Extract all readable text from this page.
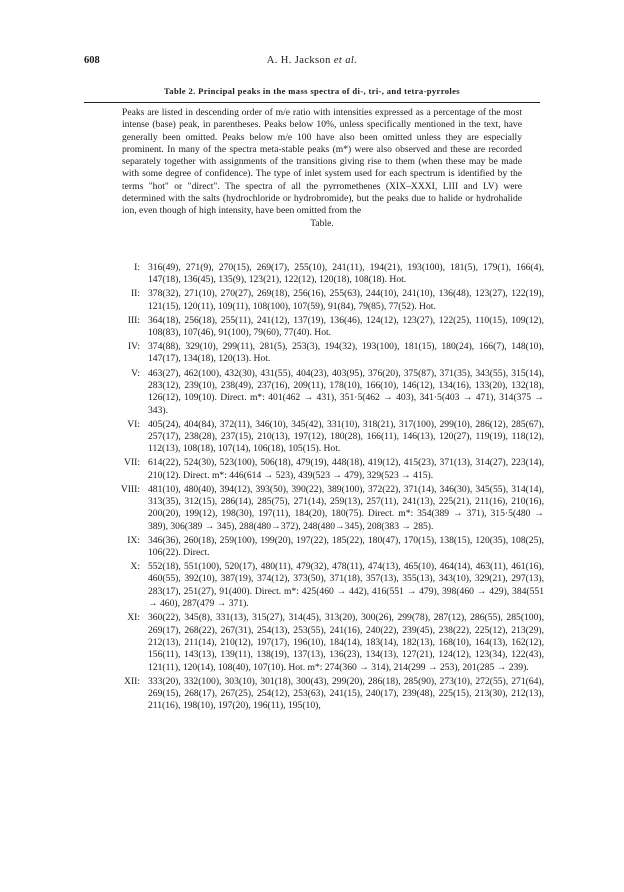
608	A. H. Jackson et al.
Table 2. Principal peaks in the mass spectra of di-, tri-, and tetra-pyrroles

Peaks are listed in descending order of m/e ratio with intensities expressed as a percentage of the most intense (base) peak, in parentheses. Peaks below 10%, unless specifically mentioned in the text, have generally been omitted. Peaks below m/e 100 have also been omitted unless they are especially prominent. In many of the spectra meta-stable peaks (m*) were also observed and these are recorded separately together with assignments of the transitions giving rise to them (when these may be made with some degree of confidence). The type of inlet system used for each spectrum is identified by the terms "hot" or "direct". The spectra of all the pyrromethenes (XIX–XXXI, LIII and LV) were determined with the salts (hydrochloride or hydrobromide), but the peaks due to halide or hydrohalide ion, even though of high intensity, have been omitted from the

Table.

I: 316(49), 271(9), 270(15), 269(17), 255(10), 241(11), 194(21), 193(100), 181(5), 179(1), 166(4), 147(18), 136(45), 135(9), 123(21), 122(12), 120(18), 108(18). Hot.
II: 378(32), 271(10), 270(27), 269(18), 256(16), 255(63), 244(10), 241(10), 136(48), 123(27), 122(19), 121(15), 120(11), 109(11), 108(100), 107(59), 91(84), 79(85), 77(52). Hot.
III: 364(18), 256(18), 255(11), 241(12), 137(19), 136(46), 124(12), 123(27), 122(25), 110(15), 109(12), 108(83), 107(46), 91(100), 79(60), 77(40). Hot.
IV: 374(88), 329(10), 299(11), 281(5), 253(3), 194(32), 193(100), 181(15), 180(24), 166(7), 148(10), 147(17), 134(18), 120(13). Hot.
V: 463(27), 462(100), 432(30), 431(55), 404(23), 403(95), 376(20), 375(87), 371(35), 343(55), 315(14), 283(12), 239(10), 238(49), 237(16), 209(11), 178(10), 166(10), 146(12), 134(16), 133(20), 132(18), 126(12), 109(10). Direct. m*: 401(462 → 431), 351·5(462 → 403), 341·5(403 → 471), 314(375 → 343).
VI: 405(24), 404(84), 372(11), 346(10), 345(42), 331(10), 318(21), 317(100), 299(10), 286(12), 285(67), 257(17), 238(28), 237(15), 210(13), 197(12), 180(28), 166(11), 146(13), 120(27), 119(19), 118(12), 112(13), 108(18), 107(14), 106(18), 105(15). Hot.
VII: 614(22), 524(30), 523(100), 506(18), 479(19), 448(18), 419(12), 415(23), 371(13), 314(27), 223(14), 210(12). Direct. m*: 446(614 → 523), 439(523 → 479), 329(523 → 415).
VIII: 481(10), 480(40), 394(12), 393(50), 390(22), 389(100), 372(22), 371(14), 346(30), 345(55), 314(14), 313(35), 312(15), 286(14), 285(75), 271(14), 259(13), 257(11), 241(13), 225(21), 211(16), 210(16), 200(20), 199(12), 198(30), 197(11), 184(20), 180(75). Direct. m*: 354(389 → 371), 315·5(480 → 389), 306(389 → 345), 288(480→372), 248(480→345), 208(383 → 285).
IX: 346(36), 260(18), 259(100), 199(20), 197(22), 185(22), 180(47), 170(15), 138(15), 120(35), 108(25), 106(22). Direct.
X: 552(18), 551(100), 520(17), 480(11), 479(32), 478(11), 474(13), 465(10), 464(14), 463(11), 461(16), 460(55), 392(10), 387(19), 374(12), 373(50), 371(18), 357(13), 355(13), 343(10), 329(21), 297(13), 283(17), 251(27), 91(400). Direct. m*: 425(460 → 442), 416(551 → 479), 398(460 → 429), 384(551 → 460), 287(479 → 371).
XI: 360(22), 345(8), 331(13), 315(27), 314(45), 313(20), 300(26), 299(78), 287(12), 286(55), 285(100), 269(17), 268(22), 267(31), 254(13), 253(55), 241(16), 240(22), 239(45), 238(22), 225(12), 213(29), 212(13), 211(14), 210(12), 197(17), 196(10), 184(14), 183(14), 182(13), 168(10), 164(13), 162(12), 156(11), 143(13), 139(11), 138(19), 137(13), 136(23), 134(13), 127(21), 124(12), 123(34), 122(43), 121(11), 120(14), 108(40), 107(10). Hot. m*: 274(360 → 314), 214(299 → 253), 201(285 → 239).
XII: 333(20), 332(100), 303(10), 301(18), 300(43), 299(20), 286(18), 285(90), 273(10), 272(55), 271(64), 269(15), 268(17), 267(25), 254(12), 253(63), 241(15), 240(17), 239(48), 225(15), 213(30), 212(13), 211(16), 198(10), 197(20), 196(11), 195(10),
